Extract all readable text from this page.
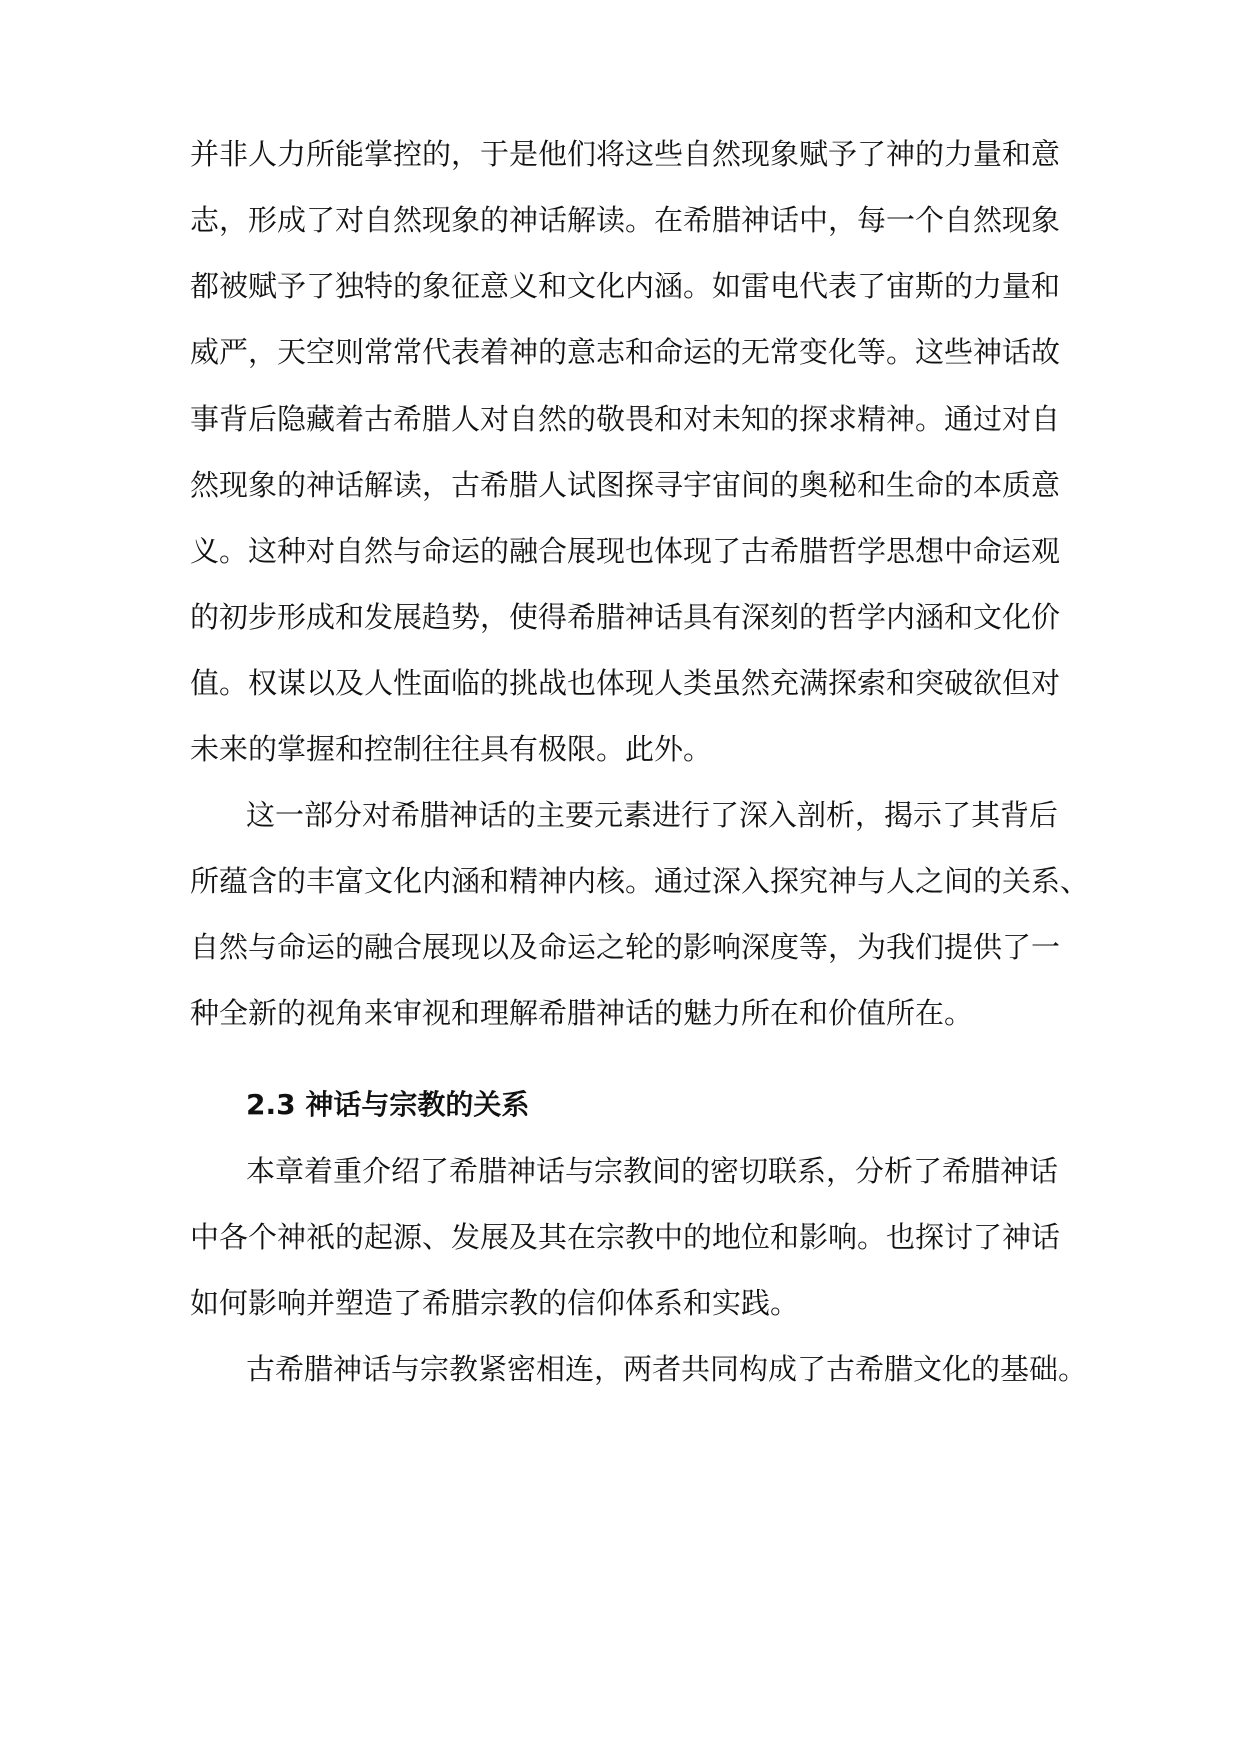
并非人力所能掌控的，于是他们将这些自然现象赋予了神的力量和意
志，形成了对自然现象的神话解读。在希腊神话中，每一个自然现象
都被赋予了独特的象征意义和文化内涵。如雷电代表了宙斯的力量和
威严，天空则常常代表着神的意志和命运的无常变化等。这些神话故
事背后隐藏着古希腊人对自然的敬畏和对未知的探求精神。通过对自
然现象的神话解读，古希腊人试图探寻宇宙间的奥秘和生命的本质意
义。这种对自然与命运的融合展现也体现了古希腊哲学思想中命运观
的初步形成和发展趋势，使得希腊神话具有深刻的哲学内涵和文化价
值。权谋以及人性面临的挑战也体现人类虽然充满探索和突破欲但对
未来的掌握和控制往往具有极限。此外。
这一部分对希腊神话的主要元素进行了深入剖析，揭示了其背后
所蕴含的丰富文化内涵和精神内核。通过深入探究神与人之间的关系、
自然与命运的融合展现以及命运之轮的影响深度等，为我们提供了一
种全新的视角来审视和理解希腊神话的魅力所在和价值所在。
2.3 神话与宗教的关系
本章着重介绍了希腊神话与宗教间的密切联系，分析了希腊神话
中各个神祇的起源、发展及其在宗教中的地位和影响。也探讨了神话
如何影响并塑造了希腊宗教的信仰体系和实践。
古希腊神话与宗教紧密相连，两者共同构成了古希腊文化的基础。
